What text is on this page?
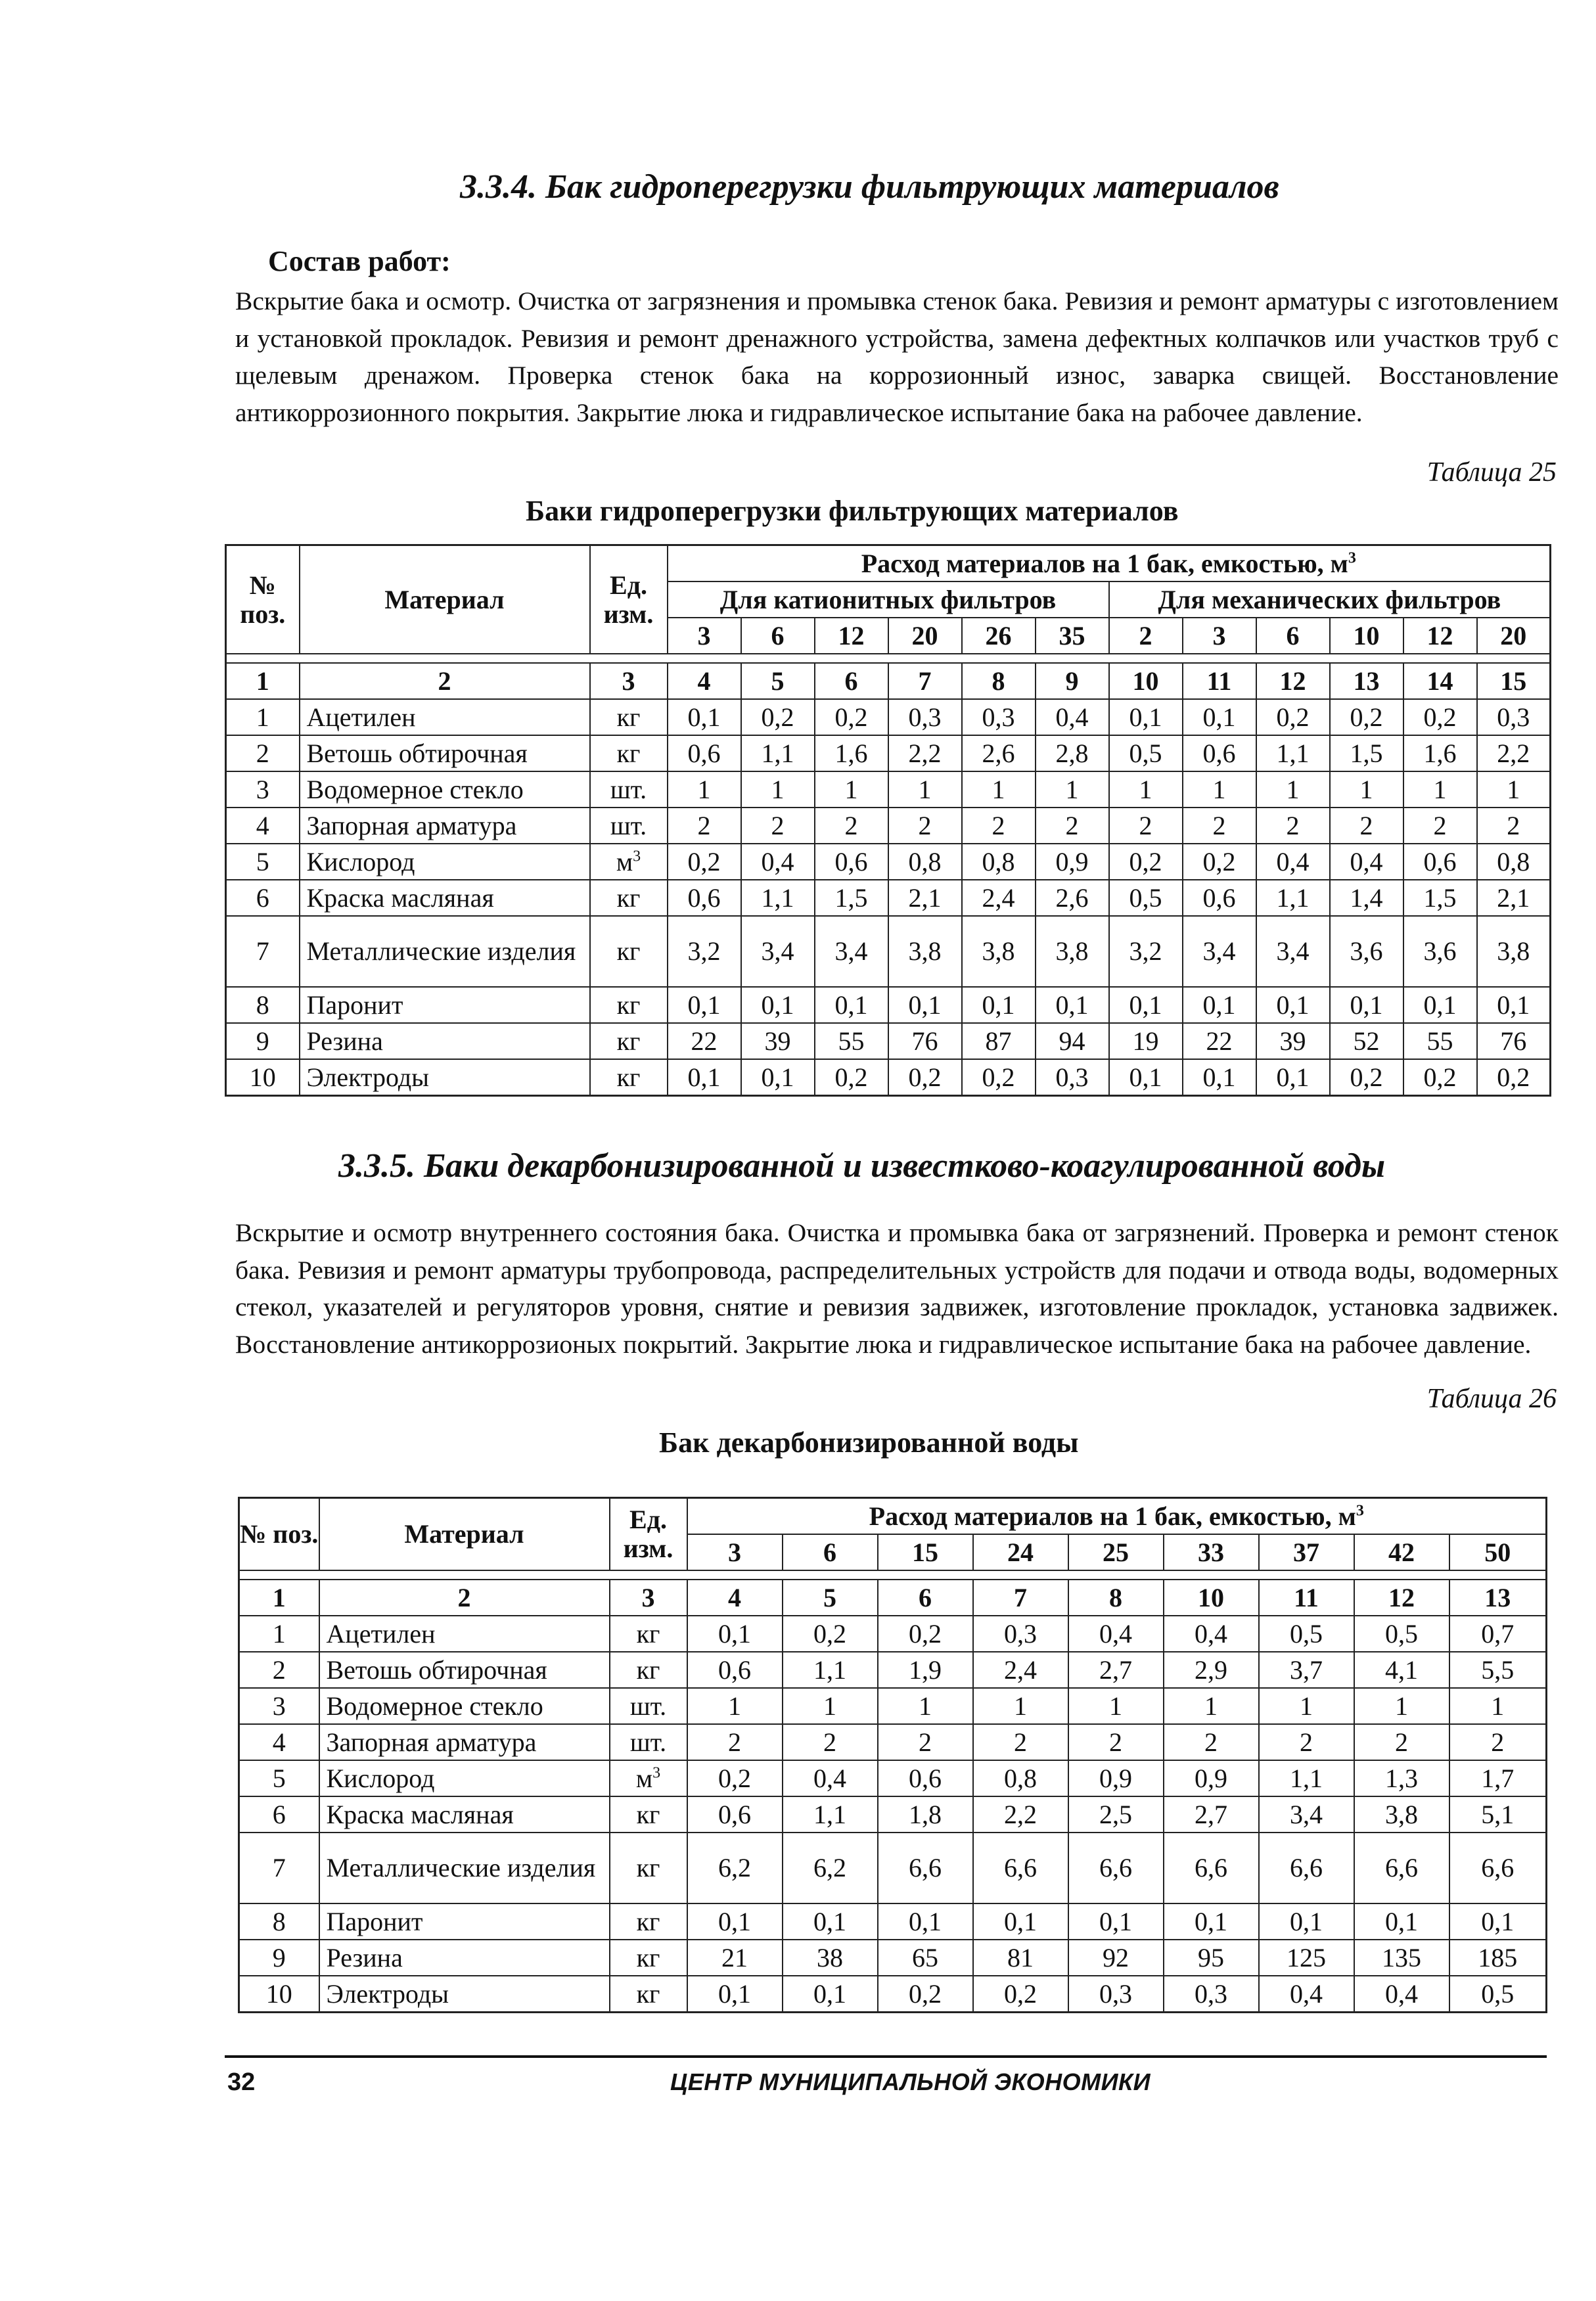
3.3.4. Бак гидроперегрузки фильтрующих материалов
Состав работ:
Вскрытие бака и осмотр. Очистка от загрязнения и промывка стенок бака. Ревизия и ремонт арматуры с изготовлением и установкой прокладок. Ревизия и ремонт дренажного устройства, замена дефектных колпачков или участков труб с щелевым дренажом. Проверка стенок бака на коррозионный износ, заварка свищей. Восстановление антикоррозионного покрытия. Закрытие люка и гидравлическое испытание бака на рабочее давление.
Таблица 25
Баки гидроперегрузки фильтрующих материалов
№ поз.	Материал	Ед. изм.	Расход материалов на 1 бак, емкостью, $м^3$
			Для катионитных фильтров						Для механических фильтров					
			3	6	12	20	26	35	2	3	6	10	12	20

1	2	3	4	5	6	7	8	9	10	11	12	13	14	15
1	Ацетилен	кг	0,1	0,2	0,2	0,3	0,3	0,4	0,1	0,1	0,2	0,2	0,2	0,3
2	Ветошь обтирочная	кг	0,6	1,1	1,6	2,2	2,6	2,8	0,5	0,6	1,1	1,5	1,6	2,2
3	Водомерное стекло	шт.	1	1	1	1	1	1	1	1	1	1	1	1
4	Запорная арматура	шт.	2	2	2	2	2	2	2	2	2	2	2	2
5	Кислород	$м^3$	0,2	0,4	0,6	0,8	0,8	0,9	0,2	0,2	0,4	0,4	0,6	0,8
6	Краска масляная	кг	0,6	1,1	1,5	2,1	2,4	2,6	0,5	0,6	1,1	1,4	1,5	2,1
7	Металлические изделия	кг	3,2	3,4	3,4	3,8	3,8	3,8	3,2	3,4	3,4	3,6	3,6	3,8
8	Паронит	кг	0,1	0,1	0,1	0,1	0,1	0,1	0,1	0,1	0,1	0,1	0,1	0,1
9	Резина	кг	22	39	55	76	87	94	19	22	39	52	55	76
10	Электроды	кг	0,1	0,1	0,2	0,2	0,2	0,3	0,1	0,1	0,1	0,2	0,2	0,2
3.3.5. Баки декарбонизированной и известково-коагулированной воды
Вскрытие и осмотр внутреннего состояния бака. Очистка и промывка бака от загрязнений. Проверка и ремонт стенок бака. Ревизия и ремонт арматуры трубопровода, распределительных устройств для подачи и отвода воды, водомерных стекол, указателей и регуляторов уровня, снятие и ревизия задвижек, изготовление прокладок, установка задвижек. Восстановление антикоррозионых покрытий. Закрытие люка и гидравлическое испытание бака на рабочее давление.
Таблица 26
Бак декарбонизированной воды
№ поз.	Материал	Ед. изм.	Расход материалов на 1 бак, емкостью, $м^3$
			3	6	15	24	25	33	37	42	50

1	2	3	4	5	6	7	8	10	11	12	13
1	Ацетилен	кг	0,1	0,2	0,2	0,3	0,4	0,4	0,5	0,5	0,7
2	Ветошь обтирочная	кг	0,6	1,1	1,9	2,4	2,7	2,9	3,7	4,1	5,5
3	Водомерное стекло	шт.	1	1	1	1	1	1	1	1	1
4	Запорная арматура	шт.	2	2	2	2	2	2	2	2	2
5	Кислород	$м^3$	0,2	0,4	0,6	0,8	0,9	0,9	1,1	1,3	1,7
6	Краска масляная	кг	0,6	1,1	1,8	2,2	2,5	2,7	3,4	3,8	5,1
7	Металлические изделия	кг	6,2	6,2	6,6	6,6	6,6	6,6	6,6	6,6	6,6
8	Паронит	кг	0,1	0,1	0,1	0,1	0,1	0,1	0,1	0,1	0,1
9	Резина	кг	21	38	65	81	92	95	125	135	185
10	Электроды	кг	0,1	0,1	0,2	0,2	0,3	0,3	0,4	0,4	0,5
32	ЦЕНТР МУНИЦИПАЛЬНОЙ ЭКОНОМИКИ
